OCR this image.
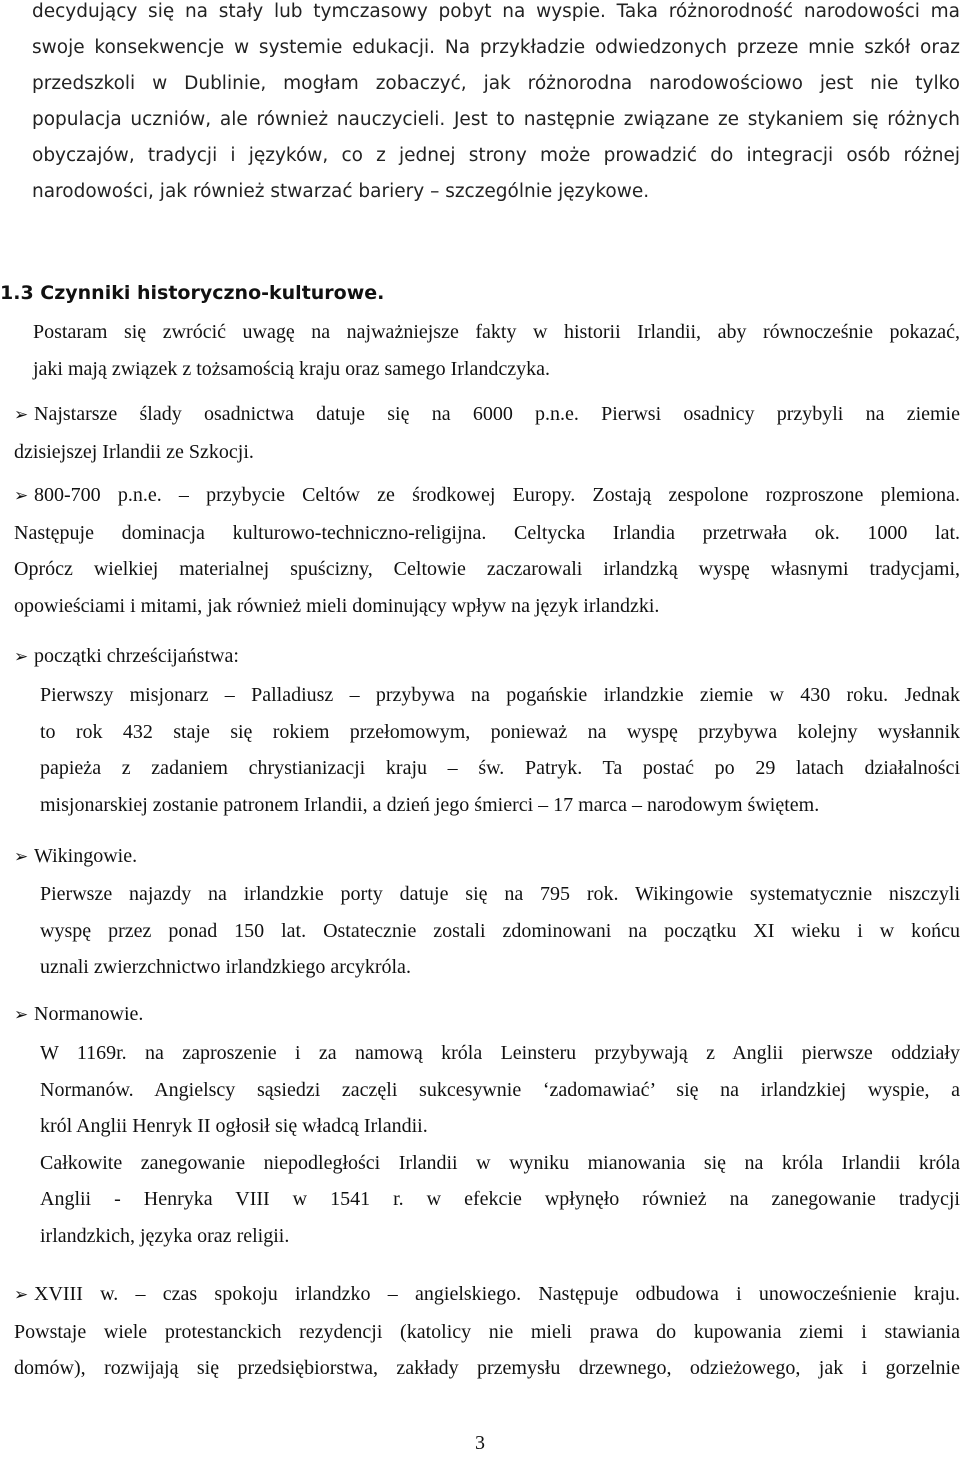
decydujący się na stały lub tymczasowy pobyt na wyspie. Taka różnorodność narodowości ma
swoje konsekwencje w systemie edukacji. Na przykładzie odwiedzonych przeze mnie szkół oraz
przedszkoli w Dublinie, mogłam zobaczyć, jak różnorodna narodowościowo jest nie tylko
populacja uczniów, ale również nauczycieli. Jest to następnie związane ze stykaniem się różnych
obyczajów, tradycji i języków, co z jednej strony może prowadzić do integracji osób różnej
narodowości, jak również stwarzać bariery – szczególnie językowe.
1.3 Czynniki historyczno-kulturowe.
Postaram się zwrócić uwagę na najważniejsze fakty w historii Irlandii, aby równocześnie pokazać,
jaki mają związek z tożsamością kraju oraz samego Irlandczyka.
➢ Najstarsze ślady osadnictwa datuje się na 6000 p.n.e. Pierwsi osadnicy przybyli na ziemie
dzisiejszej Irlandii ze Szkocji.
➢ 800-700 p.n.e. – przybycie Celtów ze środkowej Europy. Zostają zespolone rozproszone plemiona.
Następuje dominacja kulturowo-techniczno-religijna. Celtycka Irlandia przetrwała ok. 1000 lat.
Oprócz wielkiej materialnej spuścizny, Celtowie zaczarowali irlandzką wyspę własnymi tradycjami,
opowieściami i mitami, jak również mieli dominujący wpływ na język irlandzki.
➢ początki chrześcijaństwa:
Pierwszy misjonarz – Palladiusz – przybywa na pogańskie irlandzkie ziemie w 430 roku. Jednak
to rok 432 staje się rokiem przełomowym, ponieważ na wyspę przybywa kolejny wysłannik
papieża z zadaniem chrystianizacji kraju – św. Patryk. Ta postać po 29 latach działalności
misjonarskiej zostanie patronem Irlandii, a dzień jego śmierci – 17 marca – narodowym świętem.
➢ Wikingowie.
Pierwsze najazdy na irlandzkie porty datuje się na 795 rok. Wikingowie systematycznie niszczyli
wyspę przez ponad 150 lat. Ostatecznie zostali zdominowani na początku XI wieku i w końcu
uznali zwierzchnictwo irlandzkiego arcykróla.
➢ Normanowie.
W 1169r. na zaproszenie i za namową króla Leinsteru przybywają z Anglii pierwsze oddziały
Normanów. Angielscy sąsiedzi zaczęli sukcesywnie ‘zadomawiać’ się na irlandzkiej wyspie, a
król Anglii Henryk II ogłosił się władcą Irlandii.
Całkowite zanegowanie niepodległości Irlandii w wyniku mianowania się na króla Irlandii króla
Anglii - Henryka VIII w 1541 r. w efekcie wpłynęło również na zanegowanie tradycji
irlandzkich, języka oraz religii.
➢ XVIII w. – czas spokoju irlandzko – angielskiego. Następuje odbudowa i unowocześnienie kraju.
Powstaje wiele protestanckich rezydencji (katolicy nie mieli prawa do kupowania ziemi i stawiania
domów), rozwijają się przedsiębiorstwa, zakłady przemysłu drzewnego, odzieżowego, jak i gorzelnie
3
